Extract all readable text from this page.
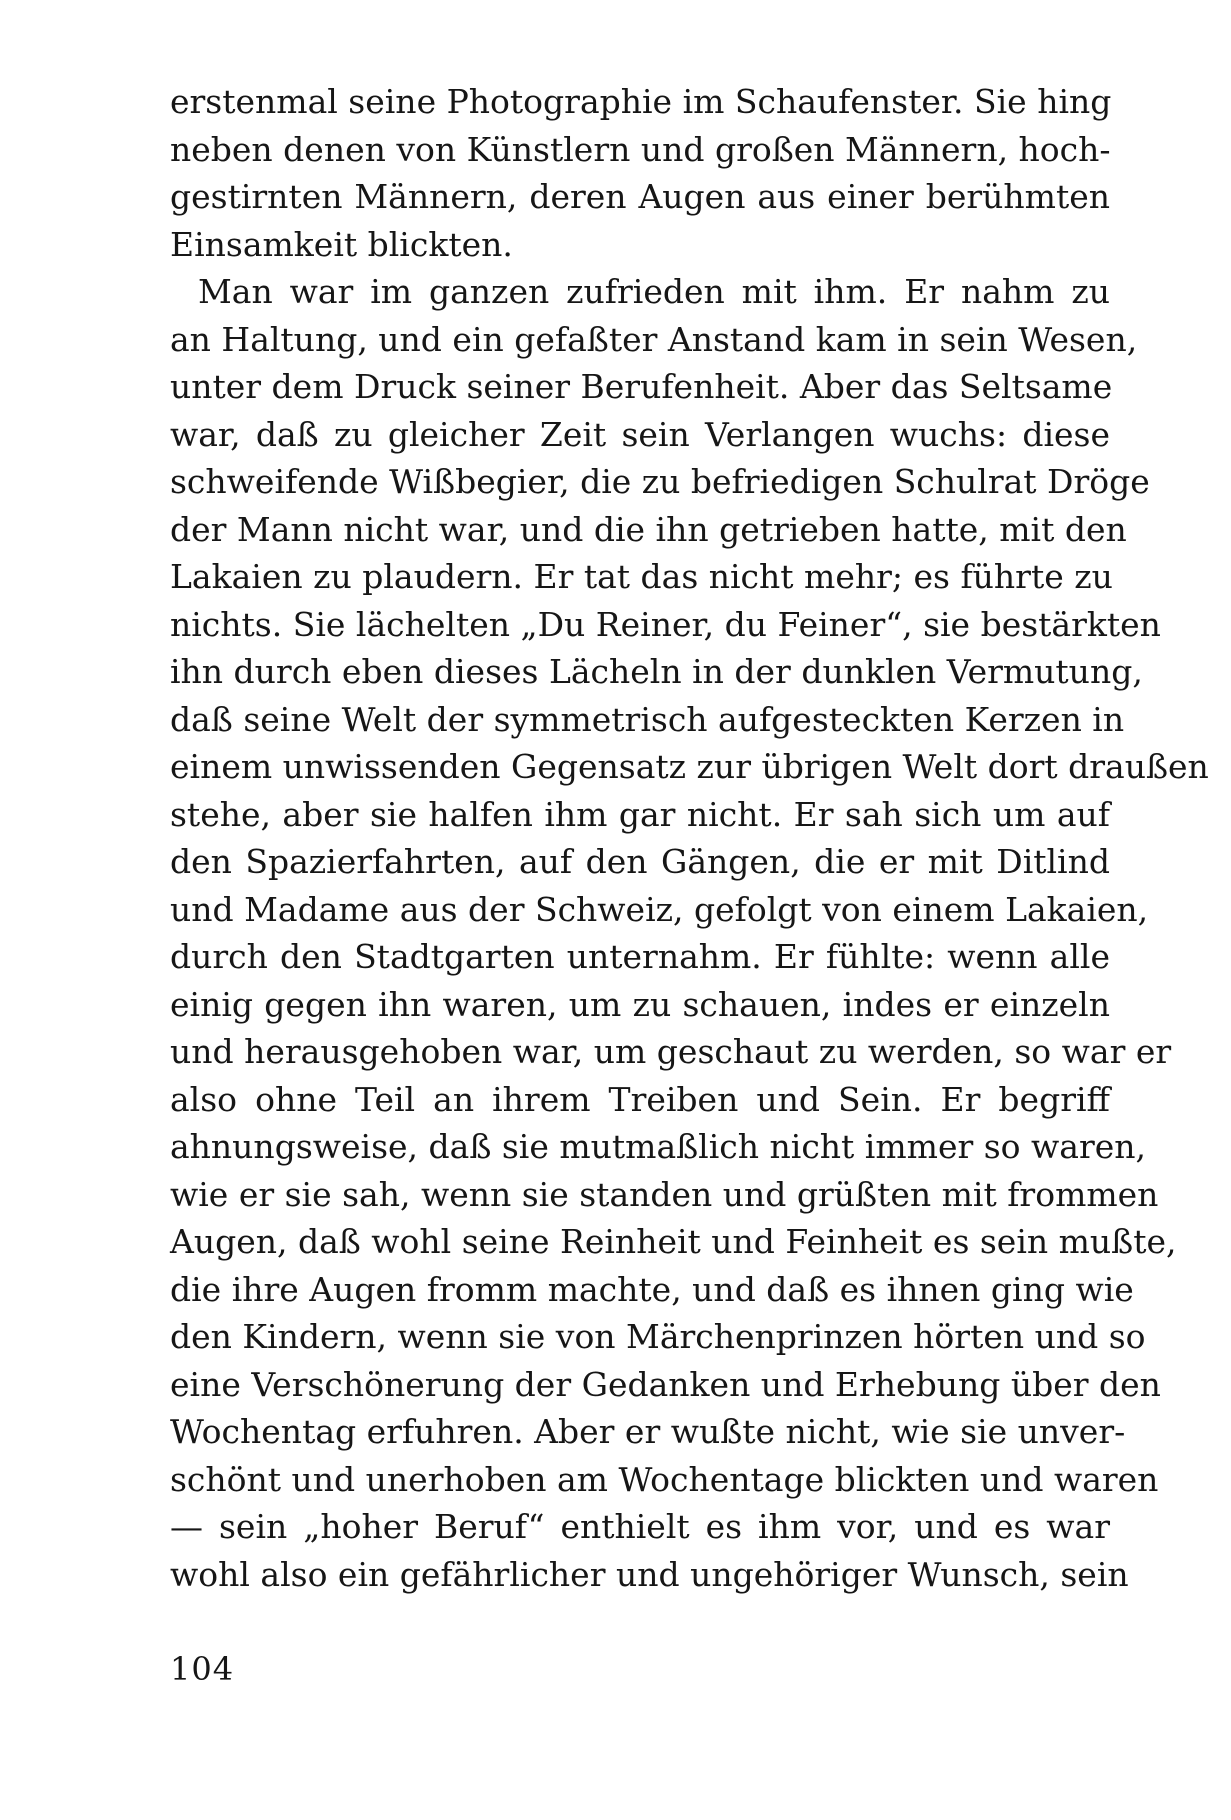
erstenmal seine Photographie im Schaufenster. Sie hing
neben denen von Künstlern und großen Männern, hoch-
gestirnten Männern, deren Augen aus einer berühmten
Einsamkeit blickten.
Man war im ganzen zufrieden mit ihm. Er nahm zu
an Haltung, und ein gefaßter Anstand kam in sein Wesen,
unter dem Druck seiner Berufenheit. Aber das Seltsame
war, daß zu gleicher Zeit sein Verlangen wuchs: diese
schweifende Wißbegier, die zu befriedigen Schulrat Dröge
der Mann nicht war, und die ihn getrieben hatte, mit den
Lakaien zu plaudern. Er tat das nicht mehr; es führte zu
nichts. Sie lächelten „Du Reiner, du Feiner“, sie bestärkten
ihn durch eben dieses Lächeln in der dunklen Vermutung,
daß seine Welt der symmetrisch aufgesteckten Kerzen in
einem unwissenden Gegensatz zur übrigen Welt dort draußen
stehe, aber sie halfen ihm gar nicht. Er sah sich um auf
den Spazierfahrten, auf den Gängen, die er mit Ditlind
und Madame aus der Schweiz, gefolgt von einem Lakaien,
durch den Stadtgarten unternahm. Er fühlte: wenn alle
einig gegen ihn waren, um zu schauen, indes er einzeln
und herausgehoben war, um geschaut zu werden, so war er
also ohne Teil an ihrem Treiben und Sein. Er begriff
ahnungsweise, daß sie mutmaßlich nicht immer so waren,
wie er sie sah, wenn sie standen und grüßten mit frommen
Augen, daß wohl seine Reinheit und Feinheit es sein mußte,
die ihre Augen fromm machte, und daß es ihnen ging wie
den Kindern, wenn sie von Märchenprinzen hörten und so
eine Verschönerung der Gedanken und Erhebung über den
Wochentag erfuhren. Aber er wußte nicht, wie sie unver-
schönt und unerhoben am Wochentage blickten und waren
— sein „hoher Beruf“ enthielt es ihm vor, und es war
wohl also ein gefährlicher und ungehöriger Wunsch, sein
104
